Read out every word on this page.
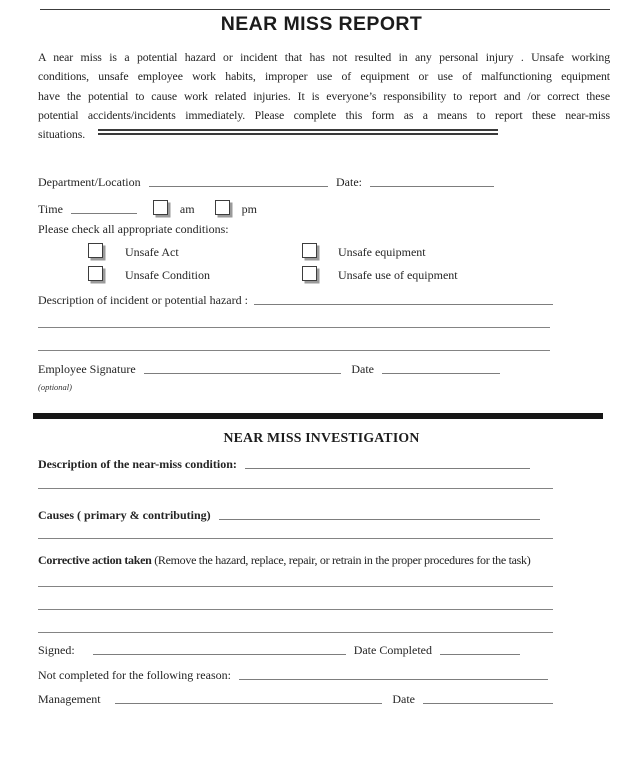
NEAR MISS REPORT
A near miss is a potential hazard or incident that has not resulted in any personal injury . Unsafe working
conditions, unsafe employee work habits, improper use of equipment or use of malfunctioning equipment
have the potential to cause work related injuries. It is everyone’s responsibility to report and /or correct these
potential accidents/incidents immediately. Please complete this form as a means to report these near-miss
situations.
Department/Location	Date:
Time	am	pm
Please check all appropriate conditions:
Unsafe Act	Unsafe equipment
Unsafe Condition	Unsafe use of equipment
Description of incident or potential hazard :
Employee Signature	Date
(optional)
NEAR MISS INVESTIGATION
Description of the near-miss condition:
Causes ( primary & contributing)
Corrective action taken (Remove the hazard, replace, repair, or retrain in the proper procedures for the task)
Signed:	Date Completed
Not completed for the following reason:
Management	Date
